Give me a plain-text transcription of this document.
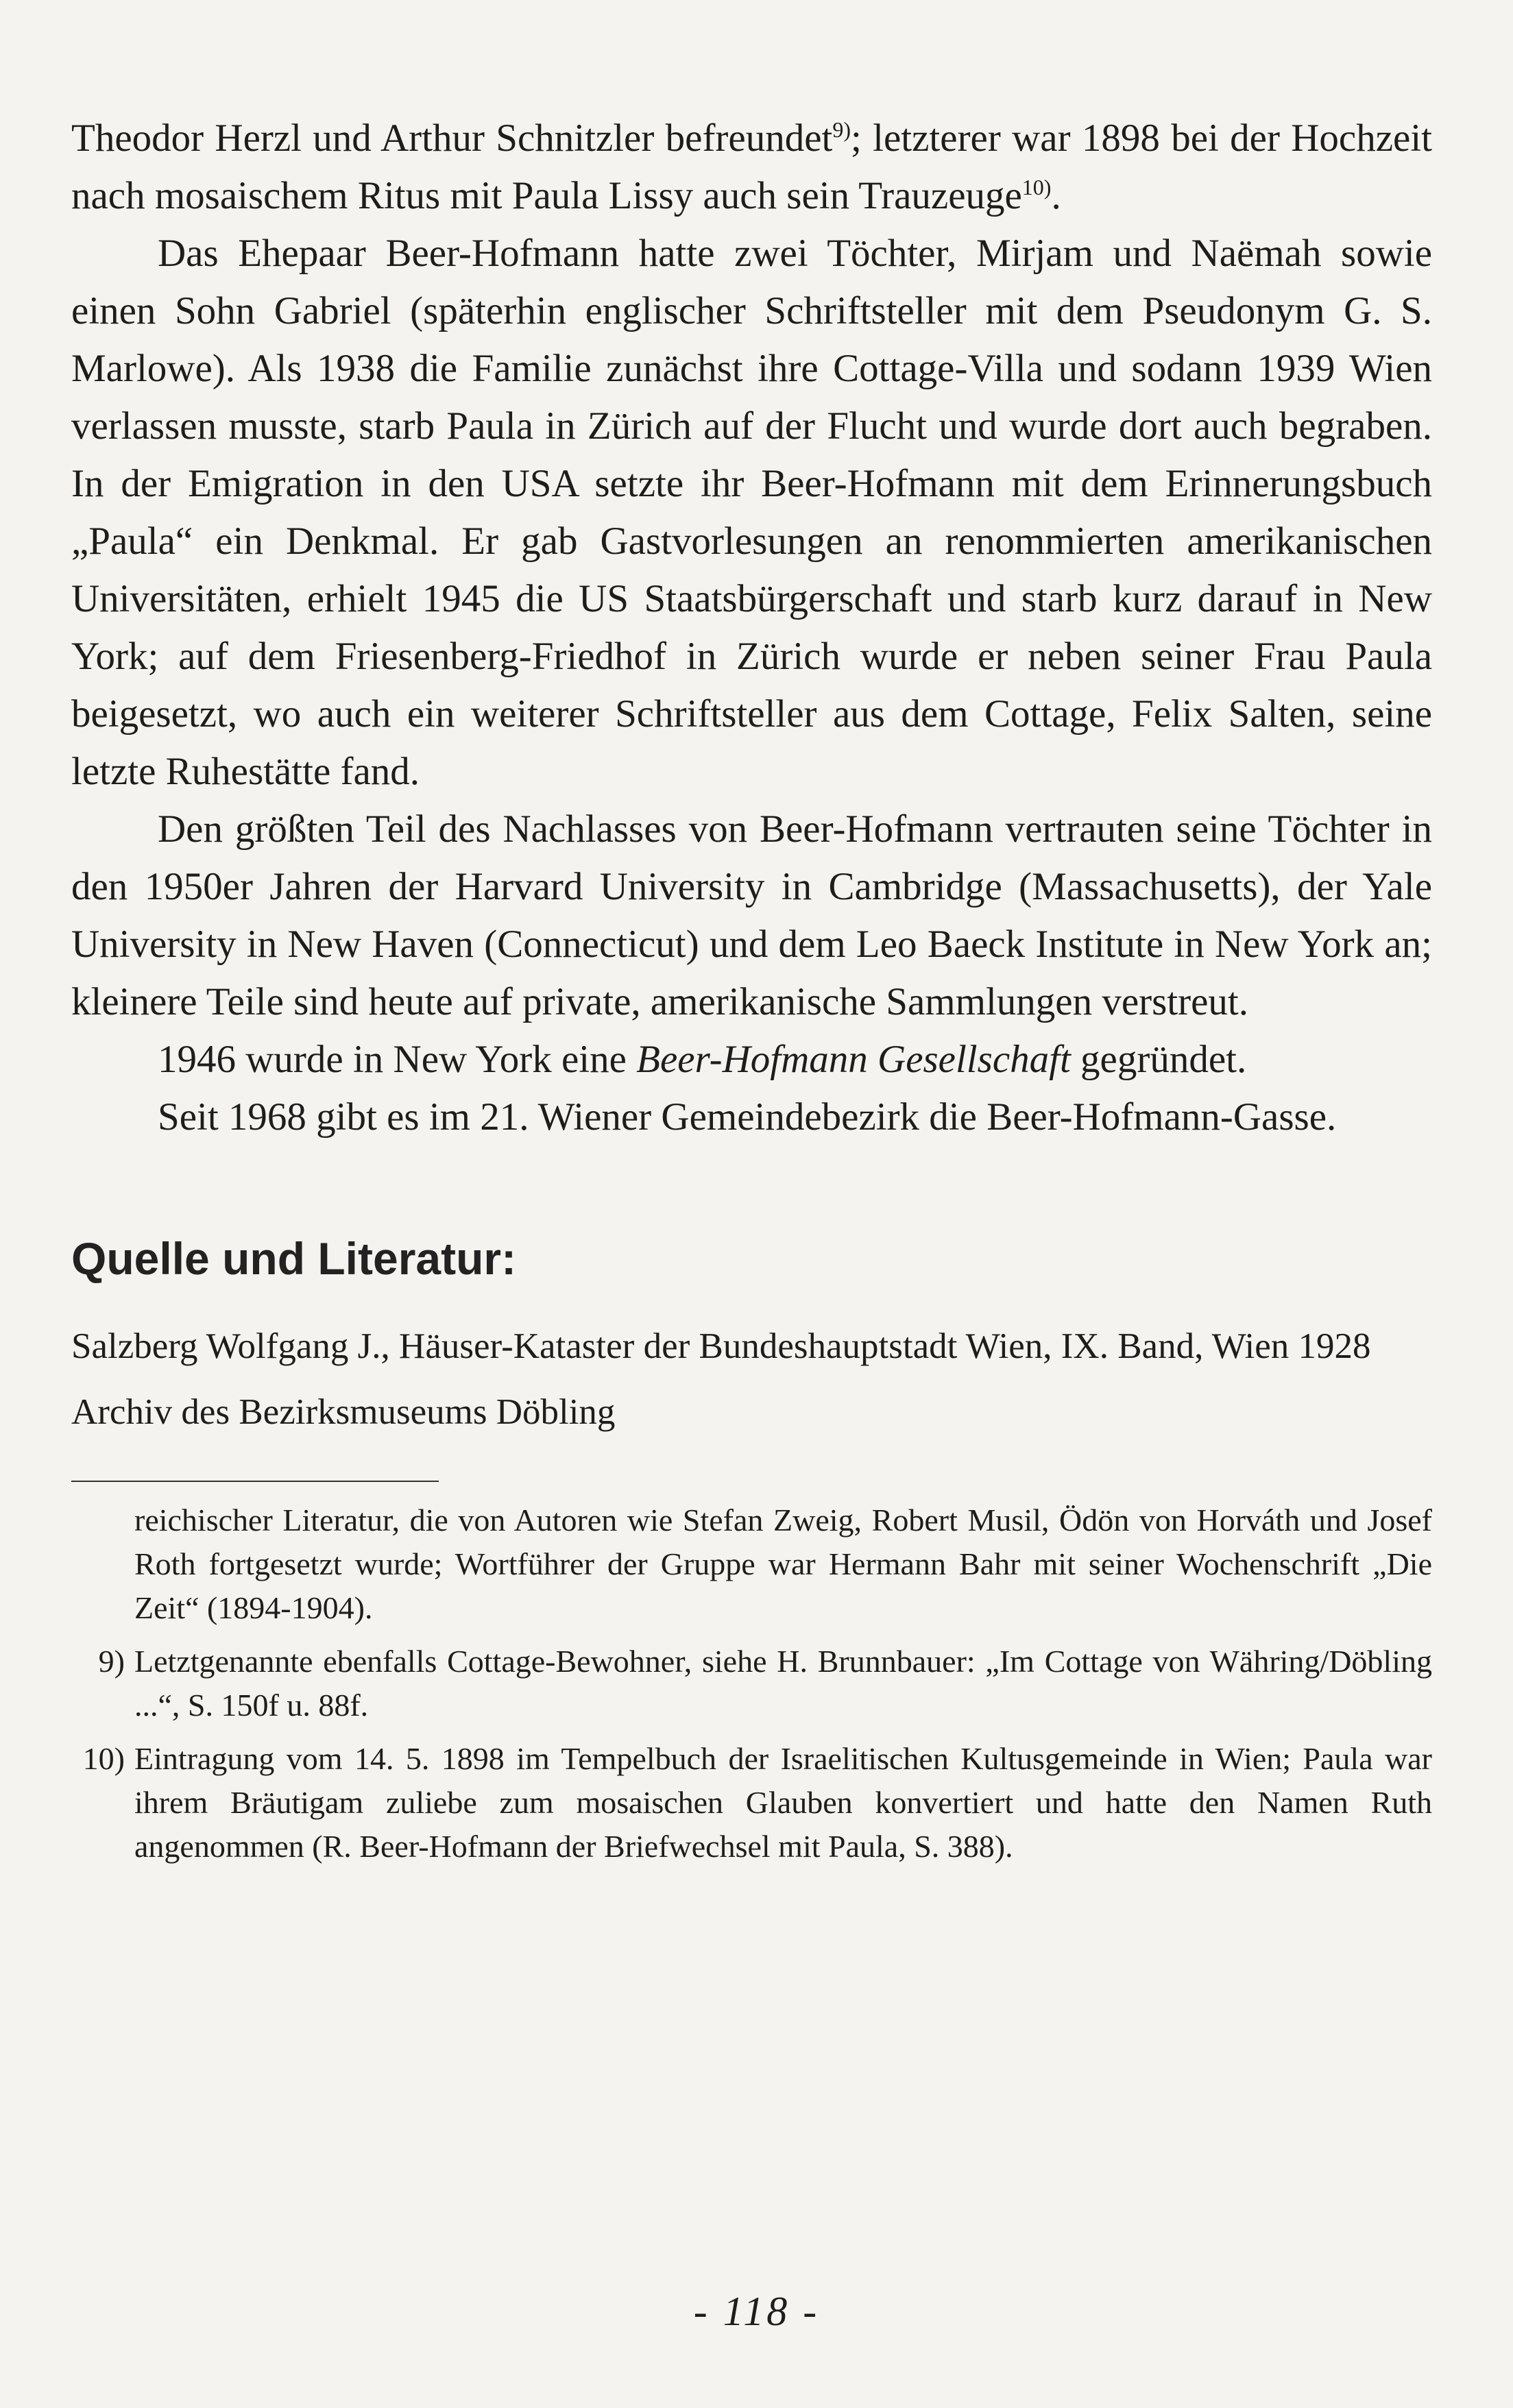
Theodor Herzl und Arthur Schnitzler befreundet$^{9)}$; letzterer war 1898 bei der Hochzeit nach mosaischem Ritus mit Paula Lissy auch sein Trauzeuge$^{10)}$.

Das Ehepaar Beer-Hofmann hatte zwei Töchter, Mirjam und Naëmah sowie einen Sohn Gabriel (späterhin englischer Schriftsteller mit dem Pseudonym G. S. Marlowe). Als 1938 die Familie zunächst ihre Cottage-Villa und sodann 1939 Wien verlassen musste, starb Paula in Zürich auf der Flucht und wurde dort auch begraben. In der Emigration in den USA setzte ihr Beer-Hofmann mit dem Erinnerungsbuch „Paula“ ein Denkmal. Er gab Gastvorlesungen an renommierten amerikanischen Universitäten, erhielt 1945 die US Staatsbürgerschaft und starb kurz darauf in New York; auf dem Friesenberg-Friedhof in Zürich wurde er neben seiner Frau Paula beigesetzt, wo auch ein weiterer Schriftsteller aus dem Cottage, Felix Salten, seine letzte Ruhestätte fand.

Den größten Teil des Nachlasses von Beer-Hofmann vertrauten seine Töchter in den 1950er Jahren der Harvard University in Cambridge (Massachusetts), der Yale University in New Haven (Connecticut) und dem Leo Baeck Institute in New York an; kleinere Teile sind heute auf private, amerikanische Sammlungen verstreut.

1946 wurde in New York eine Beer-Hofmann Gesellschaft gegründet.

Seit 1968 gibt es im 21. Wiener Gemeindebezirk die Beer-Hofmann-Gasse.

Quelle und Literatur:

Salzberg Wolfgang J., Häuser-Kataster der Bundeshauptstadt Wien, IX. Band, Wien 1928

Archiv des Bezirksmuseums Döbling

reichischer Literatur, die von Autoren wie Stefan Zweig, Robert Musil, Ödön von Horváth und Josef Roth fortgesetzt wurde; Wortführer der Gruppe war Hermann Bahr mit seiner Wochenschrift „Die Zeit“ (1894-1904).

9) Letztgenannte ebenfalls Cottage-Bewohner, siehe H. Brunnbauer: „Im Cottage von Währing/Döbling ...“, S. 150f u. 88f.
10) Eintragung vom 14. 5. 1898 im Tempelbuch der Israelitischen Kultusgemeinde in Wien; Paula war ihrem Bräutigam zuliebe zum mosaischen Glauben konvertiert und hatte den Namen Ruth angenommen (R. Beer-Hofmann der Briefwechsel mit Paula, S. 388).
- 118 -
